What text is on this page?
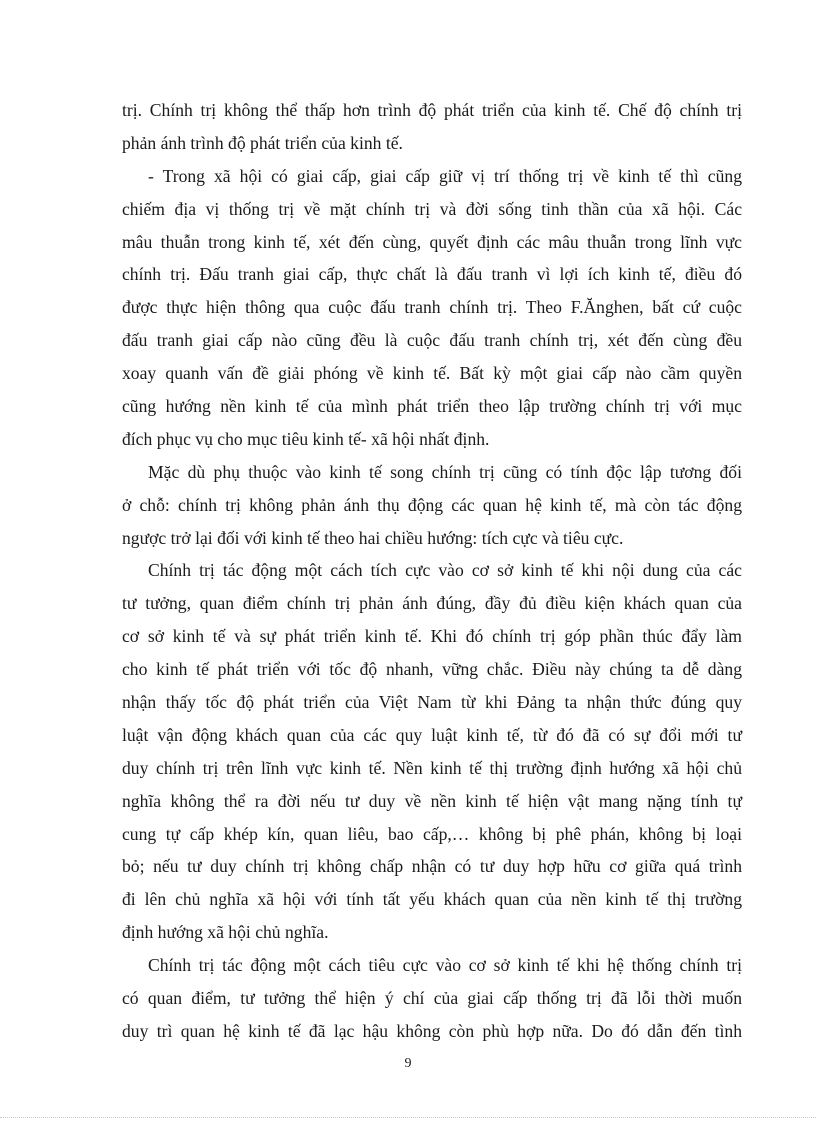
trị. Chính trị không thể thấp hơn trình độ phát triển của kinh tế. Chế độ chính trị
phản ánh trình độ phát triển của kinh tế.
- Trong xã hội có giai cấp, giai cấp giữ vị trí thống trị về kinh tế thì cũng
chiếm địa vị thống trị về mặt chính trị và đời sống tinh thần của xã hội. Các
mâu thuẫn trong kinh tế, xét đến cùng, quyết định các mâu thuẫn trong lĩnh vực
chính trị. Đấu tranh giai cấp, thực chất là đấu tranh vì lợi ích kinh tế, điều đó
được thực hiện thông qua cuộc đấu tranh chính trị. Theo F.Ănghen, bất cứ cuộc
đấu tranh giai cấp nào cũng đều là cuộc đấu tranh chính trị, xét đến cùng đều
xoay quanh vấn đề giải phóng về kinh tế. Bất kỳ một giai cấp nào cầm quyền
cũng hướng nền kinh tế của mình phát triển theo lập trường chính trị với mục
đích phục vụ cho mục tiêu kinh tế- xã hội nhất định.
Mặc dù phụ thuộc vào kinh tế song chính trị cũng có tính độc lập tương đối
ở chỗ: chính trị không phản ánh thụ động các quan hệ kinh tế, mà còn tác động
ngược trở lại đối với kinh tế theo hai chiều hướng: tích cực và tiêu cực.
Chính trị tác động một cách tích cực vào cơ sở kinh tế khi nội dung của các
tư tưởng, quan điểm chính trị phản ánh đúng, đầy đủ điều kiện khách quan của
cơ sở kinh tế và sự phát triển kinh tế. Khi đó chính trị góp phần thúc đẩy làm
cho kinh tế phát triển với tốc độ nhanh, vững chắc. Điều này chúng ta dễ dàng
nhận thấy tốc độ phát triển của Việt Nam từ khi Đảng ta nhận thức đúng quy
luật vận động khách quan của các quy luật kinh tế, từ đó đã có sự đổi mới tư
duy chính trị trên lĩnh vực kinh tế. Nền kinh tế thị trường định hướng xã hội chủ
nghĩa không thể ra đời nếu tư duy về nền kinh tế hiện vật mang nặng tính tự
cung tự cấp khép kín, quan liêu, bao cấp,… không bị phê phán, không bị loại
bỏ; nếu tư duy chính trị không chấp nhận có tư duy hợp hữu cơ giữa quá trình
đi lên chủ nghĩa xã hội với tính tất yếu khách quan của nền kinh tế thị trường
định hướng xã hội chủ nghĩa.
Chính trị tác động một cách tiêu cực vào cơ sở kinh tế khi hệ thống chính trị
có quan điểm, tư tưởng thể hiện ý chí của giai cấp thống trị đã lỗi thời muốn
duy trì quan hệ kinh tế đã lạc hậu không còn phù hợp nữa. Do đó dẫn đến tình
9
